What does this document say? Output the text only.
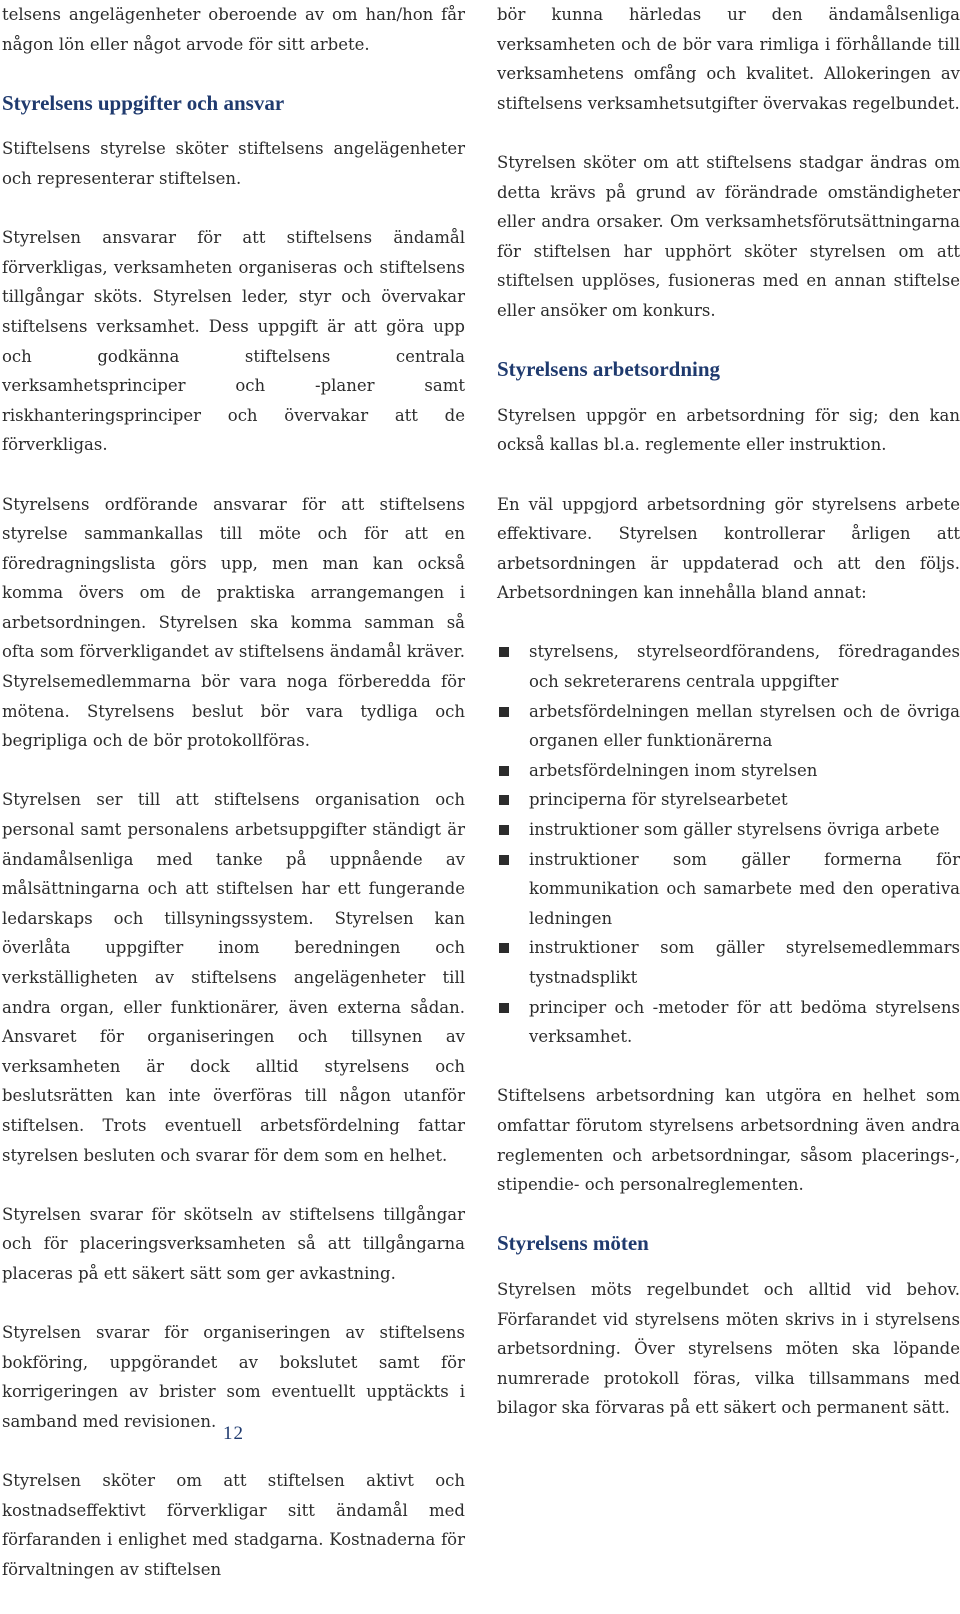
telsens angelägenheter oberoende av om han/hon får någon lön eller något arvode för sitt arbete.

Styrelsens uppgifter och ansvar

Stiftelsens styrelse sköter stiftelsens angelägenheter och representerar stiftelsen.

Styrelsen ansvarar för att stiftelsens ändamål förverkligas, verksamheten organiseras och stiftelsens tillgångar sköts. Styrelsen leder, styr och övervakar stiftelsens verksamhet. Dess uppgift är att göra upp och godkänna stiftelsens centrala verksamhetsprinciper och -planer samt riskhanteringsprinciper och övervakar att de förverkligas.

Styrelsens ordförande ansvarar för att stiftelsens styrelse sammankallas till möte och för att en föredragningslista görs upp, men man kan också komma övers om de praktiska arrangemangen i arbetsordningen. Styrelsen ska komma samman så ofta som förverkligandet av stiftelsens ändamål kräver. Styrelsemedlemmarna bör vara noga förberedda för mötena. Styrelsens beslut bör vara tydliga och begripliga och de bör protokollföras.

Styrelsen ser till att stiftelsens organisation och personal samt personalens arbetsuppgifter ständigt är ändamålsenliga med tanke på uppnående av målsättningarna och att stiftelsen har ett fungerande ledarskaps och tillsyningssystem. Styrelsen kan överlåta uppgifter inom beredningen och verkställigheten av stiftelsens angelägenheter till andra organ, eller funktionärer, även externa sådan. Ansvaret för organiseringen och tillsynen av verksamheten är dock alltid styrelsens och beslutsrätten kan inte överföras till någon utanför stiftelsen. Trots eventuell arbetsfördelning fattar styrelsen besluten och svarar för dem som en helhet.

Styrelsen svarar för skötseln av stiftelsens tillgångar och för placeringsverksamheten så att tillgångarna placeras på ett säkert sätt som ger avkastning.

Styrelsen svarar för organiseringen av stiftelsens bokföring, uppgörandet av bokslutet samt för korrigeringen av brister som eventuellt upptäckts i samband med revisionen.

Styrelsen sköter om att stiftelsen aktivt och kostnadseffektivt förverkligar sitt ändamål med förfaranden i enlighet med stadgarna. Kostnaderna för förvaltningen av stiftelsen

bör kunna härledas ur den ändamålsenliga verksamheten och de bör vara rimliga i förhållande till verksamhetens omfång och kvalitet. Allokeringen av stiftelsens verksamhetsutgifter övervakas regelbundet.

Styrelsen sköter om att stiftelsens stadgar ändras om detta krävs på grund av förändrade omständigheter eller andra orsaker. Om verksamhetsförutsättningarna för stiftelsen har upphört sköter styrelsen om att stiftelsen upplöses, fusioneras med en annan stiftelse eller ansöker om konkurs.

Styrelsens arbetsordning

Styrelsen uppgör en arbetsordning för sig; den kan också kallas bl.a. reglemente eller instruktion.

En väl uppgjord arbetsordning gör styrelsens arbete effektivare. Styrelsen kontrollerar årligen att arbetsordningen är uppdaterad och att den följs. Arbetsordningen kan innehålla bland annat:

styrelsens, styrelseordförandens, föredragandes och sekreterarens centrala uppgifter
arbetsfördelningen mellan styrelsen och de övriga organen eller funktionärerna
arbetsfördelningen inom styrelsen
principerna för styrelsearbetet
instruktioner som gäller styrelsens övriga arbete
instruktioner som gäller formerna för kommunikation och samarbete med den operativa ledningen
instruktioner som gäller styrelsemedlemmars tystnadsplikt
principer och -metoder för att bedöma styrelsens verksamhet.

Stiftelsens arbetsordning kan utgöra en helhet som omfattar förutom styrelsens arbetsordning även andra reglementen och arbetsordningar, såsom placerings-, stipendie- och personalreglementen.

Styrelsens möten

Styrelsen möts regelbundet och alltid vid behov. Förfarandet vid styrelsens möten skrivs in i styrelsens arbetsordning. Över styrelsens möten ska löpande numrerade protokoll föras, vilka tillsammans med bilagor ska förvaras på ett säkert och permanent sätt.

12
